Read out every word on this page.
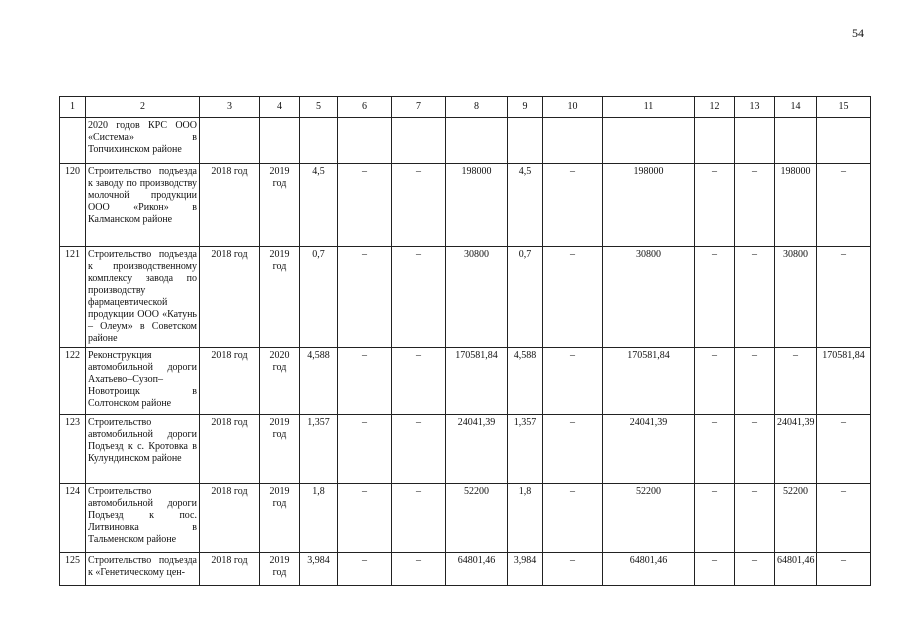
54
1	2	3	4	5	6	7	8	9	10	11	12	13	14	15
	2020 годов КРС ООО «Система» в Топчихинском районе													
120	Строительство подъезда к заводу по производству молочной продукции ООО «Рикон» в Калманском районе	2018 год	2019 год	4,5	–	–	198000	4,5	–	198000	–	–	198000	–
121	Строительство подъезда к производственному комплексу завода по производству фармацевтической продукции ООО «Катунь – Олеум» в Советском районе	2018 год	2019 год	0,7	–	–	30800	0,7	–	30800	–	–	30800	–
122	Реконструкция автомобильной дороги Ахатьево–Сузоп–Новотроицк в Солтонском районе	2018 год	2020 год	4,588	–	–	170581,84	4,588	–	170581,84	–	–	–	170581,84
123	Строительство автомобильной дороги Подъезд к с. Кротовка в Кулундинском районе	2018 год	2019 год	1,357	–	–	24041,39	1,357	–	24041,39	–	–	24041,39	–
124	Строительство автомобильной дороги Подъезд к пос. Литвиновка в Тальменском районе	2018 год	2019 год	1,8	–	–	52200	1,8	–	52200	–	–	52200	–
125	Строительство подъезда к «Генетическому цен-	2018 год	2019 год	3,984	–	–	64801,46	3,984	–	64801,46	–	–	64801,46	–
